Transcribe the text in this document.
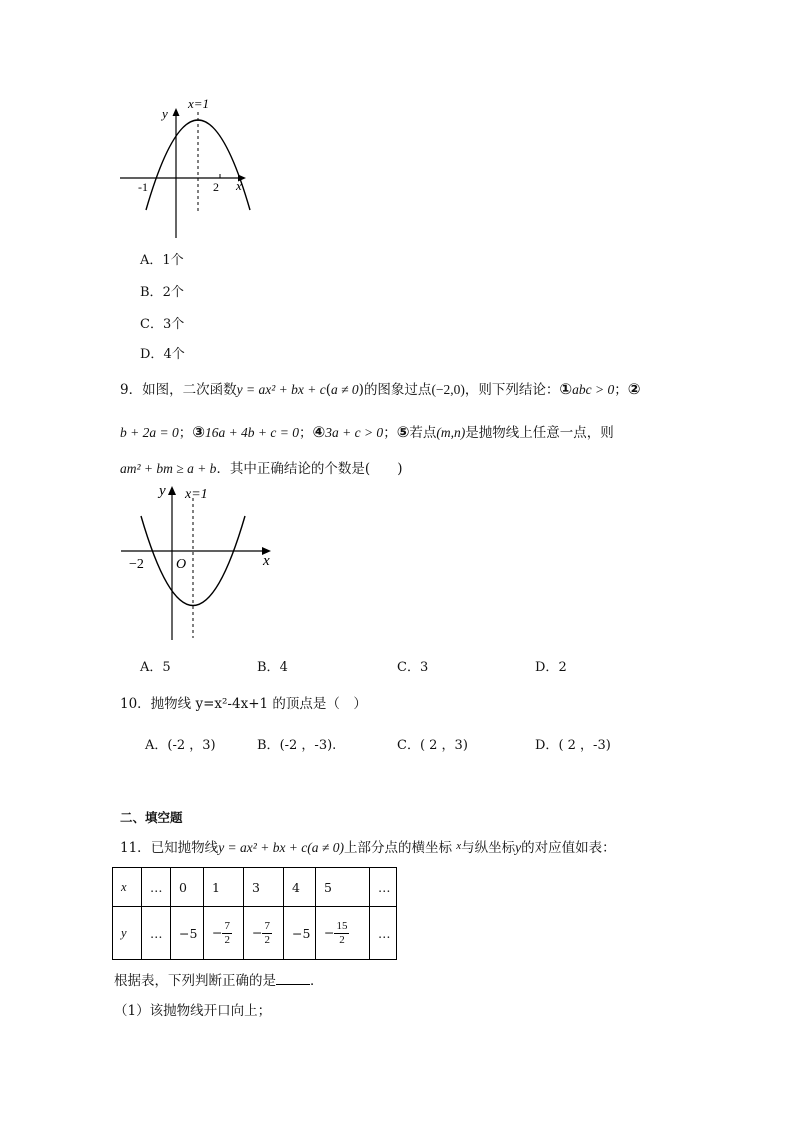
x=1
y
x
-1	2
A．1个
B．2个
C．3个
D．4个
9．如图，二次函数y = ax² + bx + c(a ≠ 0)的图象过点(−2,0)，则下列结论：①abc > 0；②
b + 2a = 0；③16a + 4b + c = 0；④3a + c > 0；⑤若点(m,n)是抛物线上任意一点，则
am² + bm ≥ a + b．其中正确结论的个数是(　　)
x=1
y
x
−2 O
A．5	B．4	C．3	D．2
10．抛物线 y=x²-4x+1 的顶点是（　）
A．(-2 ，3)	B．(-2 ，-3).	C．( 2 ，3)	D．( 2 ，-3)
二、填空题
11．已知抛物线y = ax² + bx + c(a ≠ 0)上部分点的横坐标 $^x$与纵坐标y的对应值如表：
x	…	0	1	3	4	5	…
y	…	−5	− $\frac{7}{2}$	− $\frac{7}{2}$	−5	− $\frac{15}{2}$	…
根据表，下列判断正确的是	．
（1）该抛物线开口向上；
